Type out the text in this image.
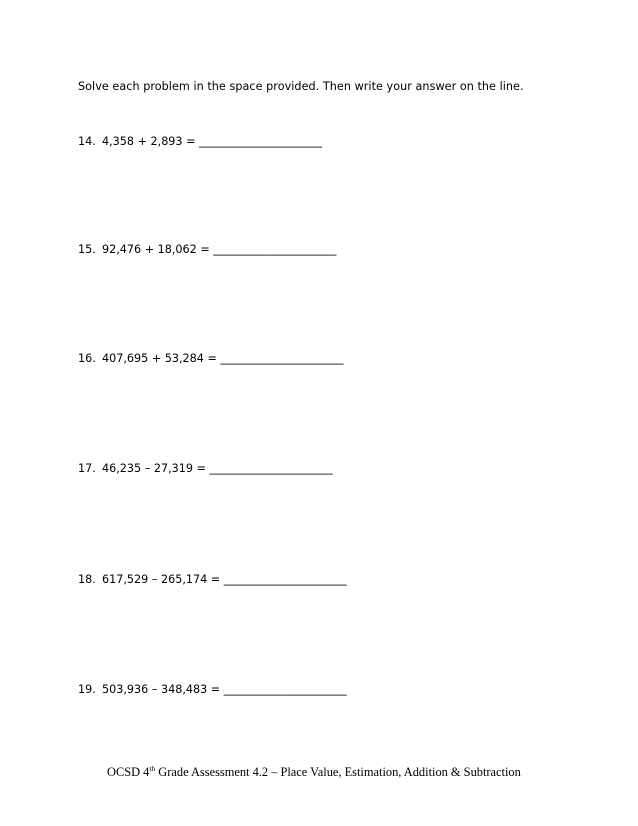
Solve each problem in the space provided. Then write your answer on the line.
14. 4,358 + 2,893 = ______________________
15. 92,476 + 18,062 = ______________________
16. 407,695 + 53,284 = ______________________
17. 46,235 – 27,319 = ______________________
18. 617,529 – 265,174 = ______________________
19. 503,936 – 348,483 = ______________________
OCSD 4th Grade Assessment 4.2 – Place Value, Estimation, Addition & Subtraction
